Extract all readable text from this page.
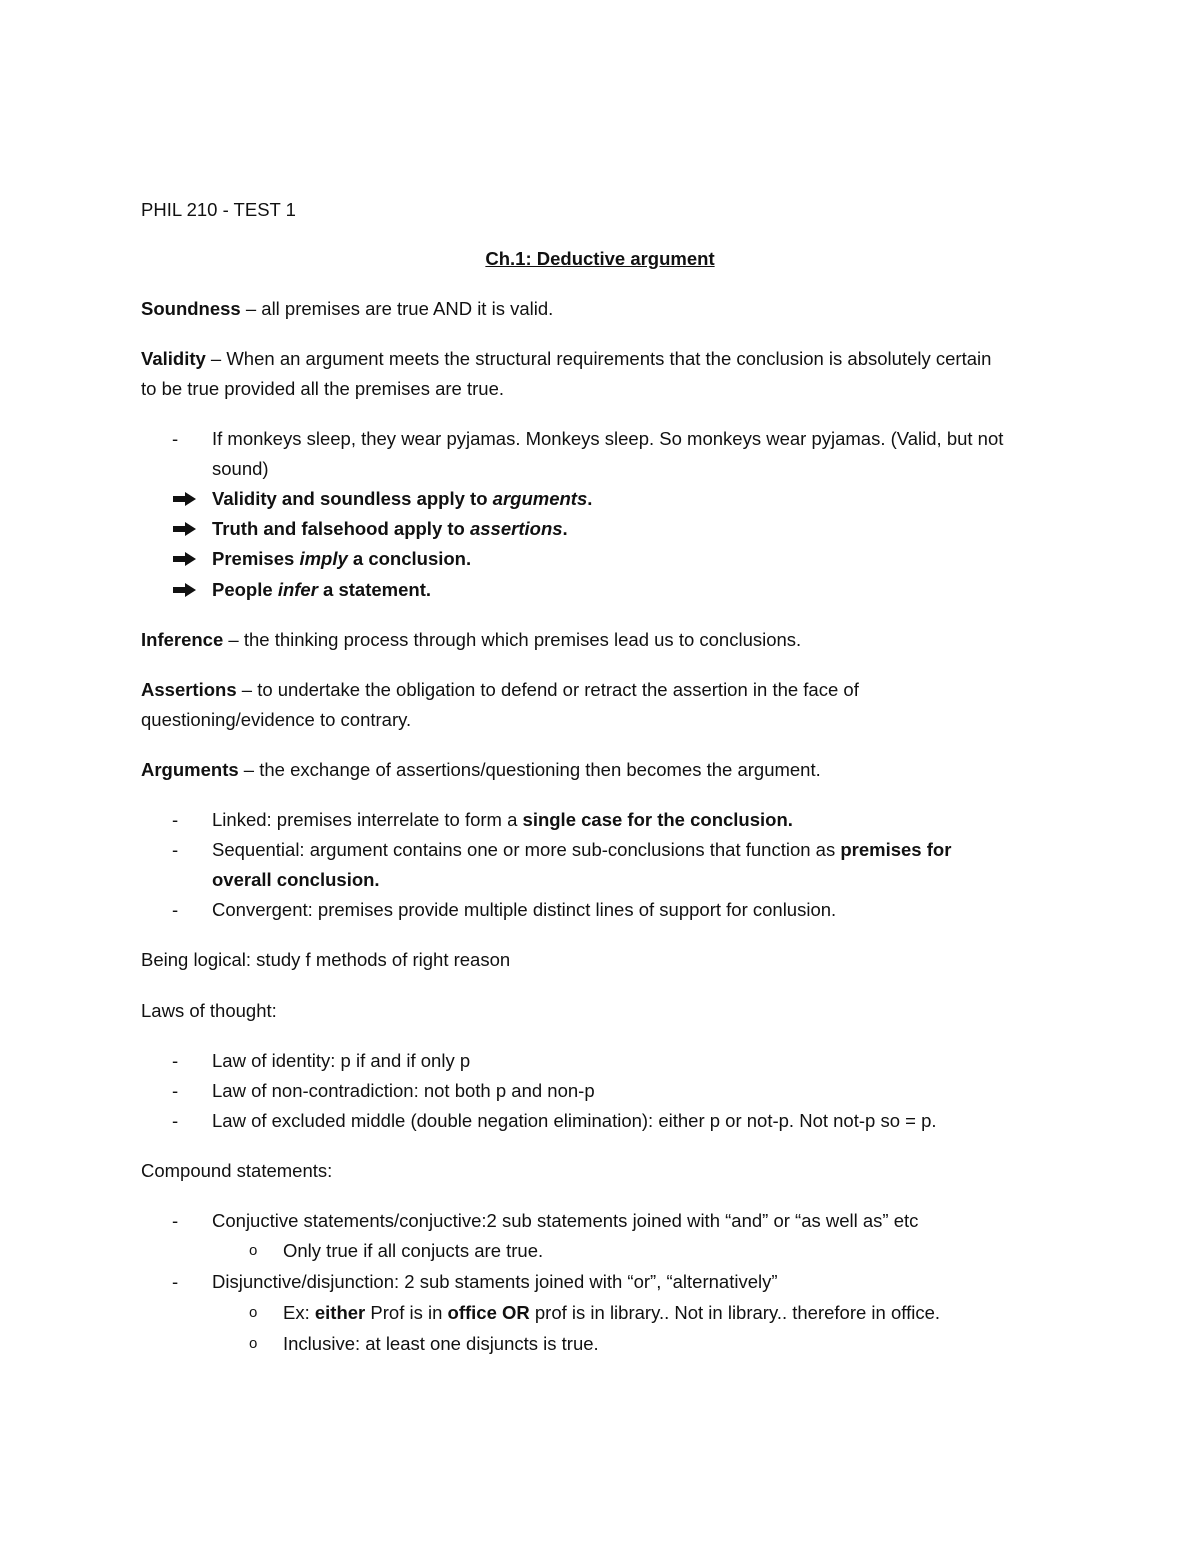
PHIL 210 - TEST 1
Ch.1: Deductive argument
Soundness – all premises are true AND it is valid.
Validity – When an argument meets the structural requirements that the conclusion is absolutely certain
to be true provided all the premises are true.
-	If monkeys sleep, they wear pyjamas. Monkeys sleep. So monkeys wear pyjamas. (Valid, but not
sound)
Validity and soundless apply to arguments.
Truth and falsehood apply to assertions.
Premises imply a conclusion.
People infer a statement.
Inference – the thinking process through which premises lead us to conclusions.
Assertions – to undertake the obligation to defend or retract the assertion in the face of
questioning/evidence to contrary.
Arguments – the exchange of assertions/questioning then becomes the argument.
-	Linked: premises interrelate to form a single case for the conclusion.
-	Sequential: argument contains one or more sub-conclusions that function as premises for
overall conclusion.
-	Convergent: premises provide multiple distinct lines of support for conlusion.
Being logical: study f methods of right reason
Laws of thought:
-	Law of identity: p if and if only p
-	Law of non-contradiction: not both p and non-p
-	Law of excluded middle (double negation elimination): either p or not-p. Not not-p so = p.
Compound statements:
-	Conjuctive statements/conjuctive:2 sub statements joined with “and” or “as well as” etc
o	Only true if all conjucts are true.
-	Disjunctive/disjunction: 2 sub staments joined with “or”, “alternatively”
o	Ex: either Prof is in office OR prof is in library.. Not in library.. therefore in office.
o	Inclusive: at least one disjuncts is true.
